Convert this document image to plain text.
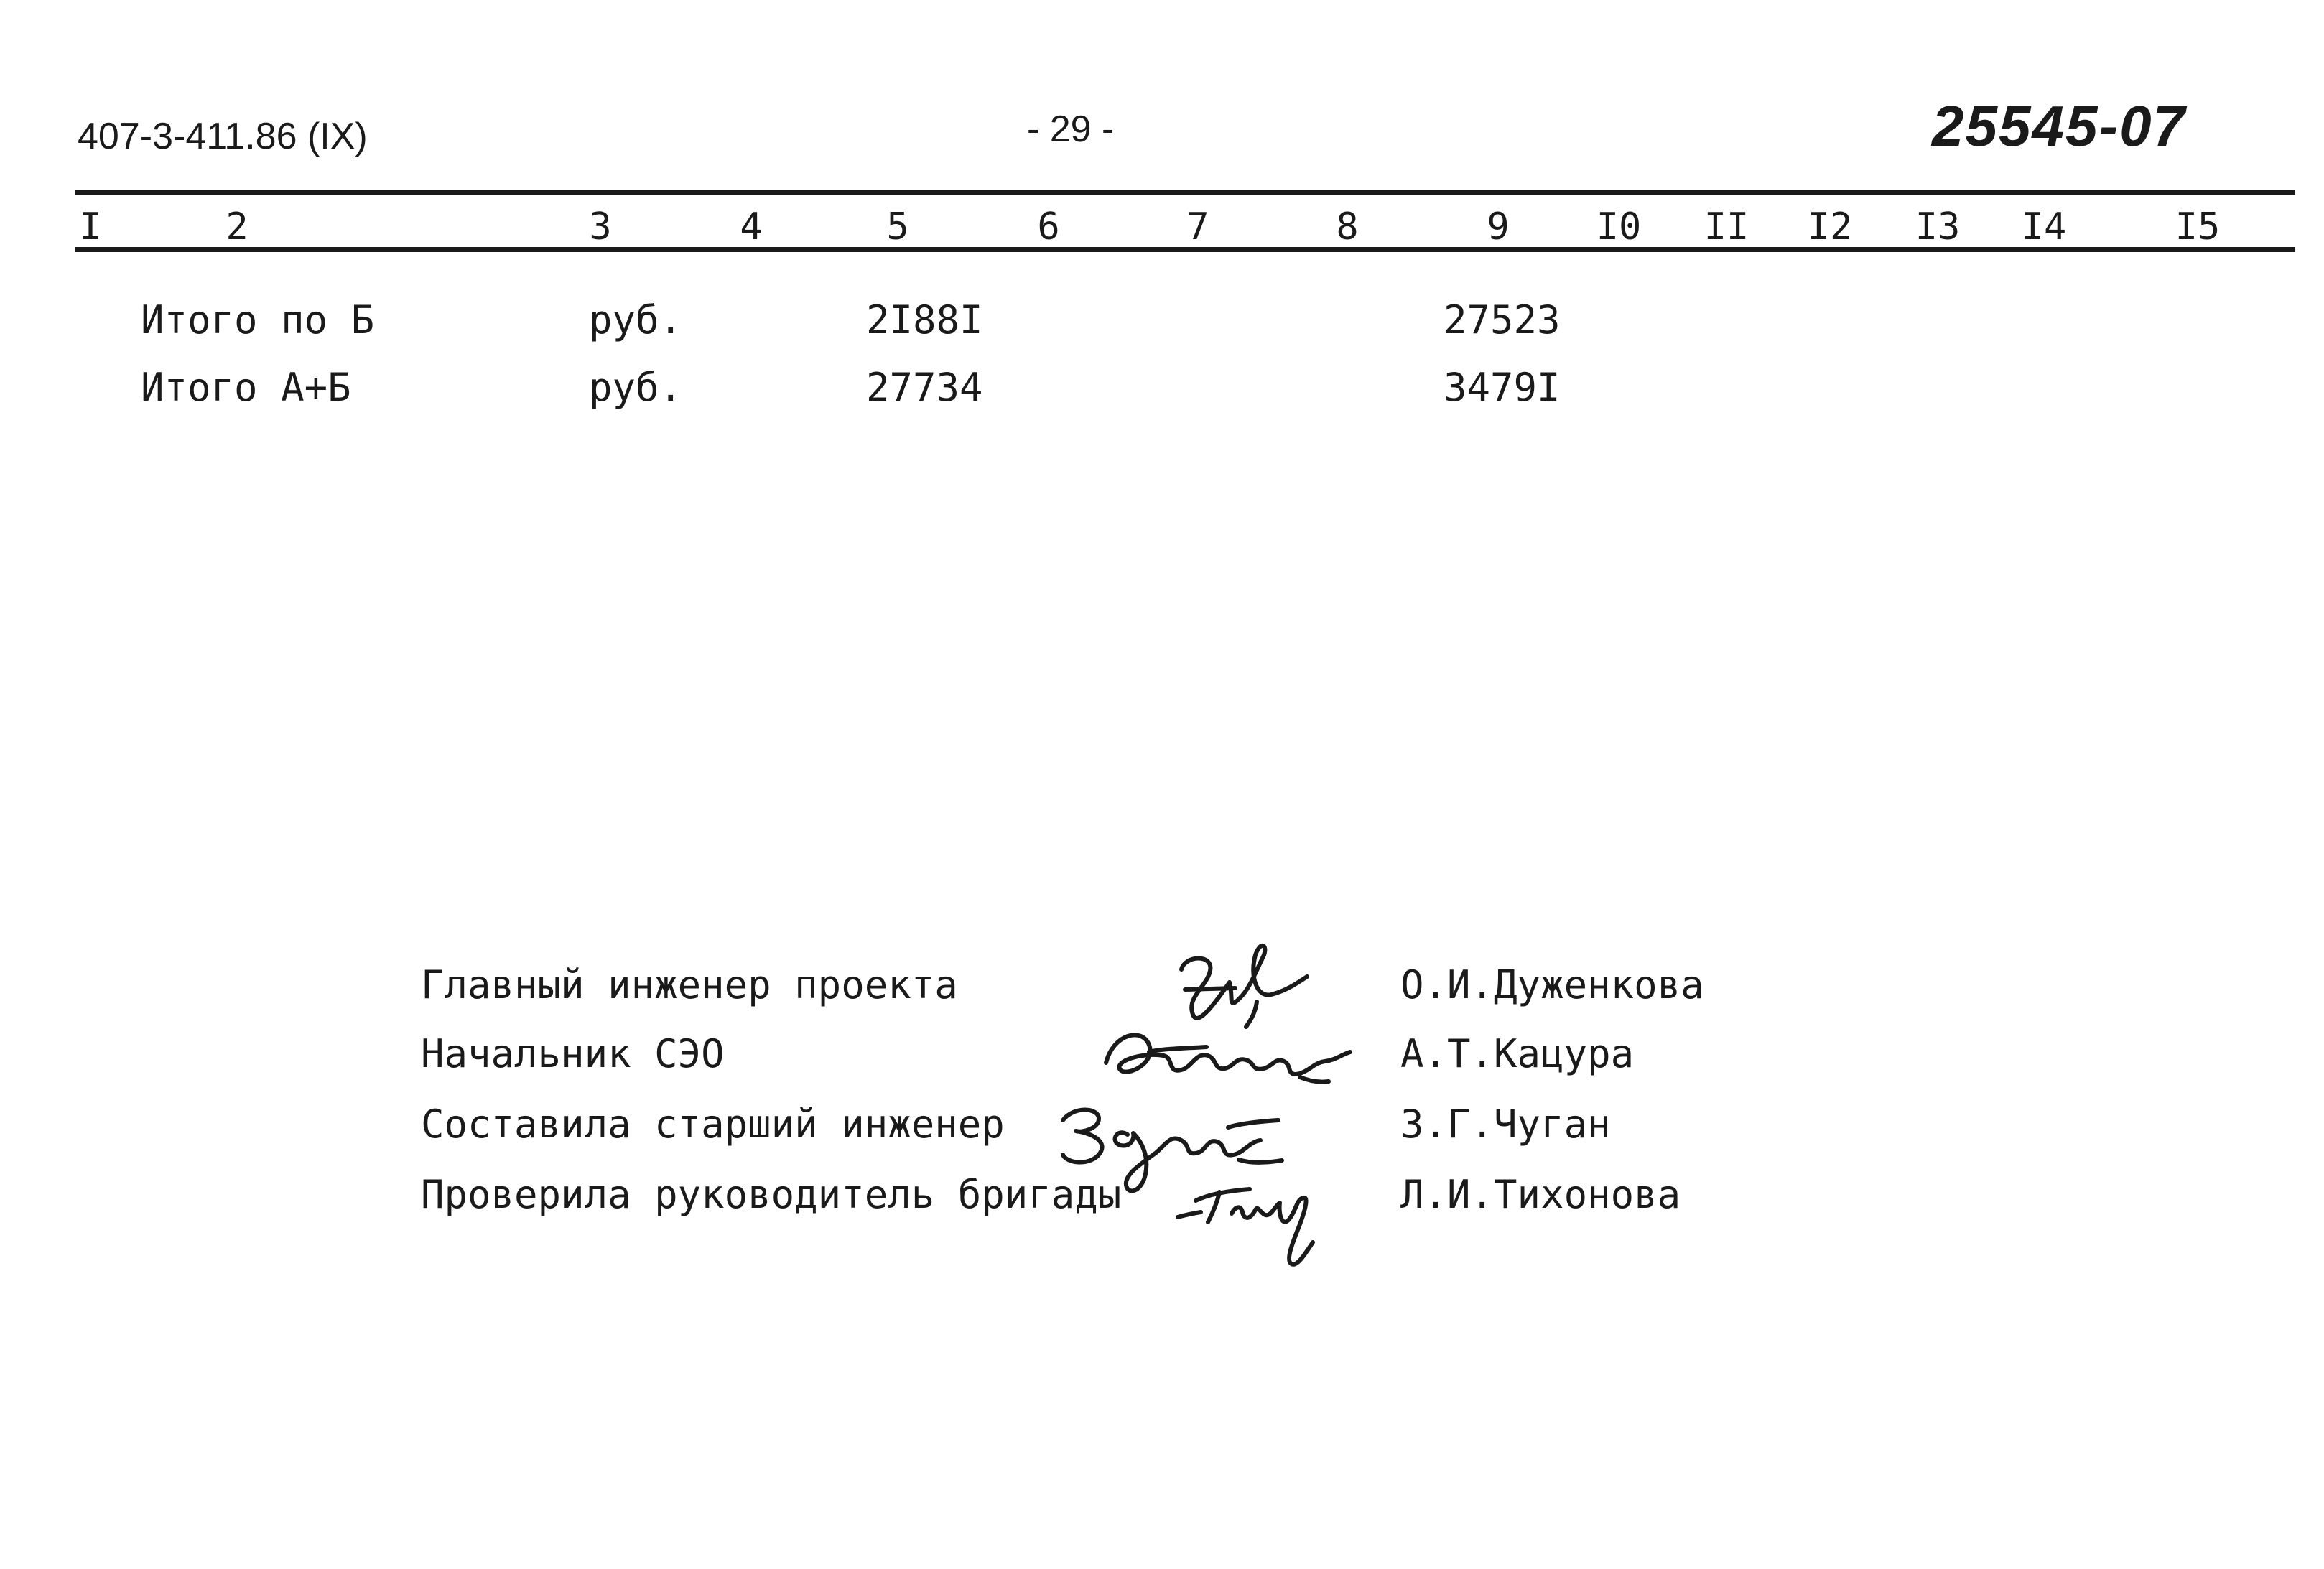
407-3-411.86 (IX)	- 29 -	25545-07
I	2	3	4	5	6	7	8	9 I0 II I2 I3 I4	I5
Итого по Б	руб.	2I88I	27523
Итого А+Б	руб.	27734	3479I
Главный инженер проекта	О.И.Дуженкова
Начальник СЭО	А.Т.Кацура
Составила старший инженер	З.Г.Чуган
Проверила руководитель бригады	Л.И.Тихонова
